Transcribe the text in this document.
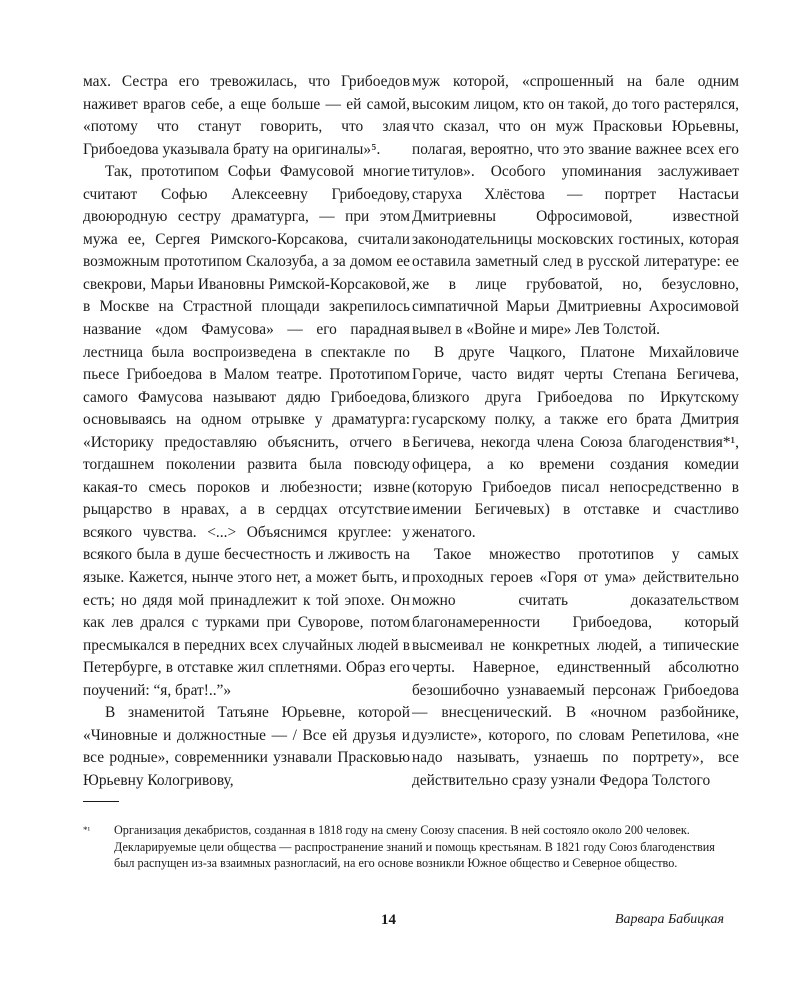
мах. Сестра его тревожилась, что Грибоедов наживет врагов себе, а еще больше — ей самой, «потому что станут говорить, что злая Грибоедова указывала брату на оригиналы»⁵.

Так, прототипом Софьи Фамусовой многие считают Софью Алексеевну Грибоедову, двоюродную сестру драматурга, — при этом мужа ее, Сергея Римского-Корсакова, считали возможным прототипом Скалозуба, а за домом ее свекрови, Марьи Ивановны Римской-Корсаковой, в Москве на Страстной площади закрепилось название «дом Фамусова» — его парадная лестница была воспроизведена в спектакле по пьесе Грибоедова в Малом театре. Прототипом самого Фамусова называют дядю Грибоедова, основываясь на одном отрывке у драматурга: «Историку предоставляю объяснить, отчего в тогдашнем поколении развита была повсюду какая-то смесь пороков и любезности; извне рыцарство в нравах, а в сердцах отсутствие всякого чувства. <...> Объяснимся круглее: у всякого была в душе бесчестность и лживость на языке. Кажется, нынче этого нет, а может быть, и есть; но дядя мой принадлежит к той эпохе. Он как лев дрался с турками при Суворове, потом пресмыкался в передних всех случайных людей в Петербурге, в отставке жил сплетнями. Образ его поучений: “я, брат!..”»

В знаменитой Татьяне Юрьевне, которой «Чиновные и должностные — / Все ей друзья и все родные», современники узнавали Прасковью Юрьевну Кологривову,

муж которой, «спрошенный на бале одним высоким лицом, кто он такой, до того растерялся, что сказал, что он муж Прасковьи Юрьевны, полагая, вероятно, что это звание важнее всех его титулов». Особого упоминания заслуживает старуха Хлёстова — портрет Настасьи Дмитриевны Офросимовой, известной законодательницы московских гостиных, которая оставила заметный след в русской литературе: ее же в лице грубоватой, но, безусловно, симпатичной Марьи Дмитриевны Ахросимовой вывел в «Войне и мире» Лев Толстой.

В друге Чацкого, Платоне Михайловиче Гориче, часто видят черты Степана Бегичева, близкого друга Грибоедова по Иркутскому гусарскому полку, а также его брата Дмитрия Бегичева, некогда члена Союза благоденствия*¹, офицера, а ко времени создания комедии (которую Грибоедов писал непосредственно в имении Бегичевых) в отставке и счастливо женатого.

Такое множество прототипов у самых проходных героев «Горя от ума» действительно можно считать доказательством благонамеренности Грибоедова, который высмеивал не конкретных людей, а типические черты. Наверное, единственный абсолютно безошибочно узнаваемый персонаж Грибоедова — внесценический. В «ночном разбойнике, дуэлисте», которого, по словам Репетилова, «не надо называть, узнаешь по портрету», все действительно сразу узнали Федора Толстого

*¹ Организация декабристов, созданная в 1818 году на смену Союзу спасения. В ней состояло около 200 человек. Декларируемые цели общества — распространение знаний и помощь крестьянам. В 1821 году Союз благоденствия был распущен из-за взаимных разногласий, на его основе возникли Южное общество и Северное общество.
14	Варвара Бабицкая
